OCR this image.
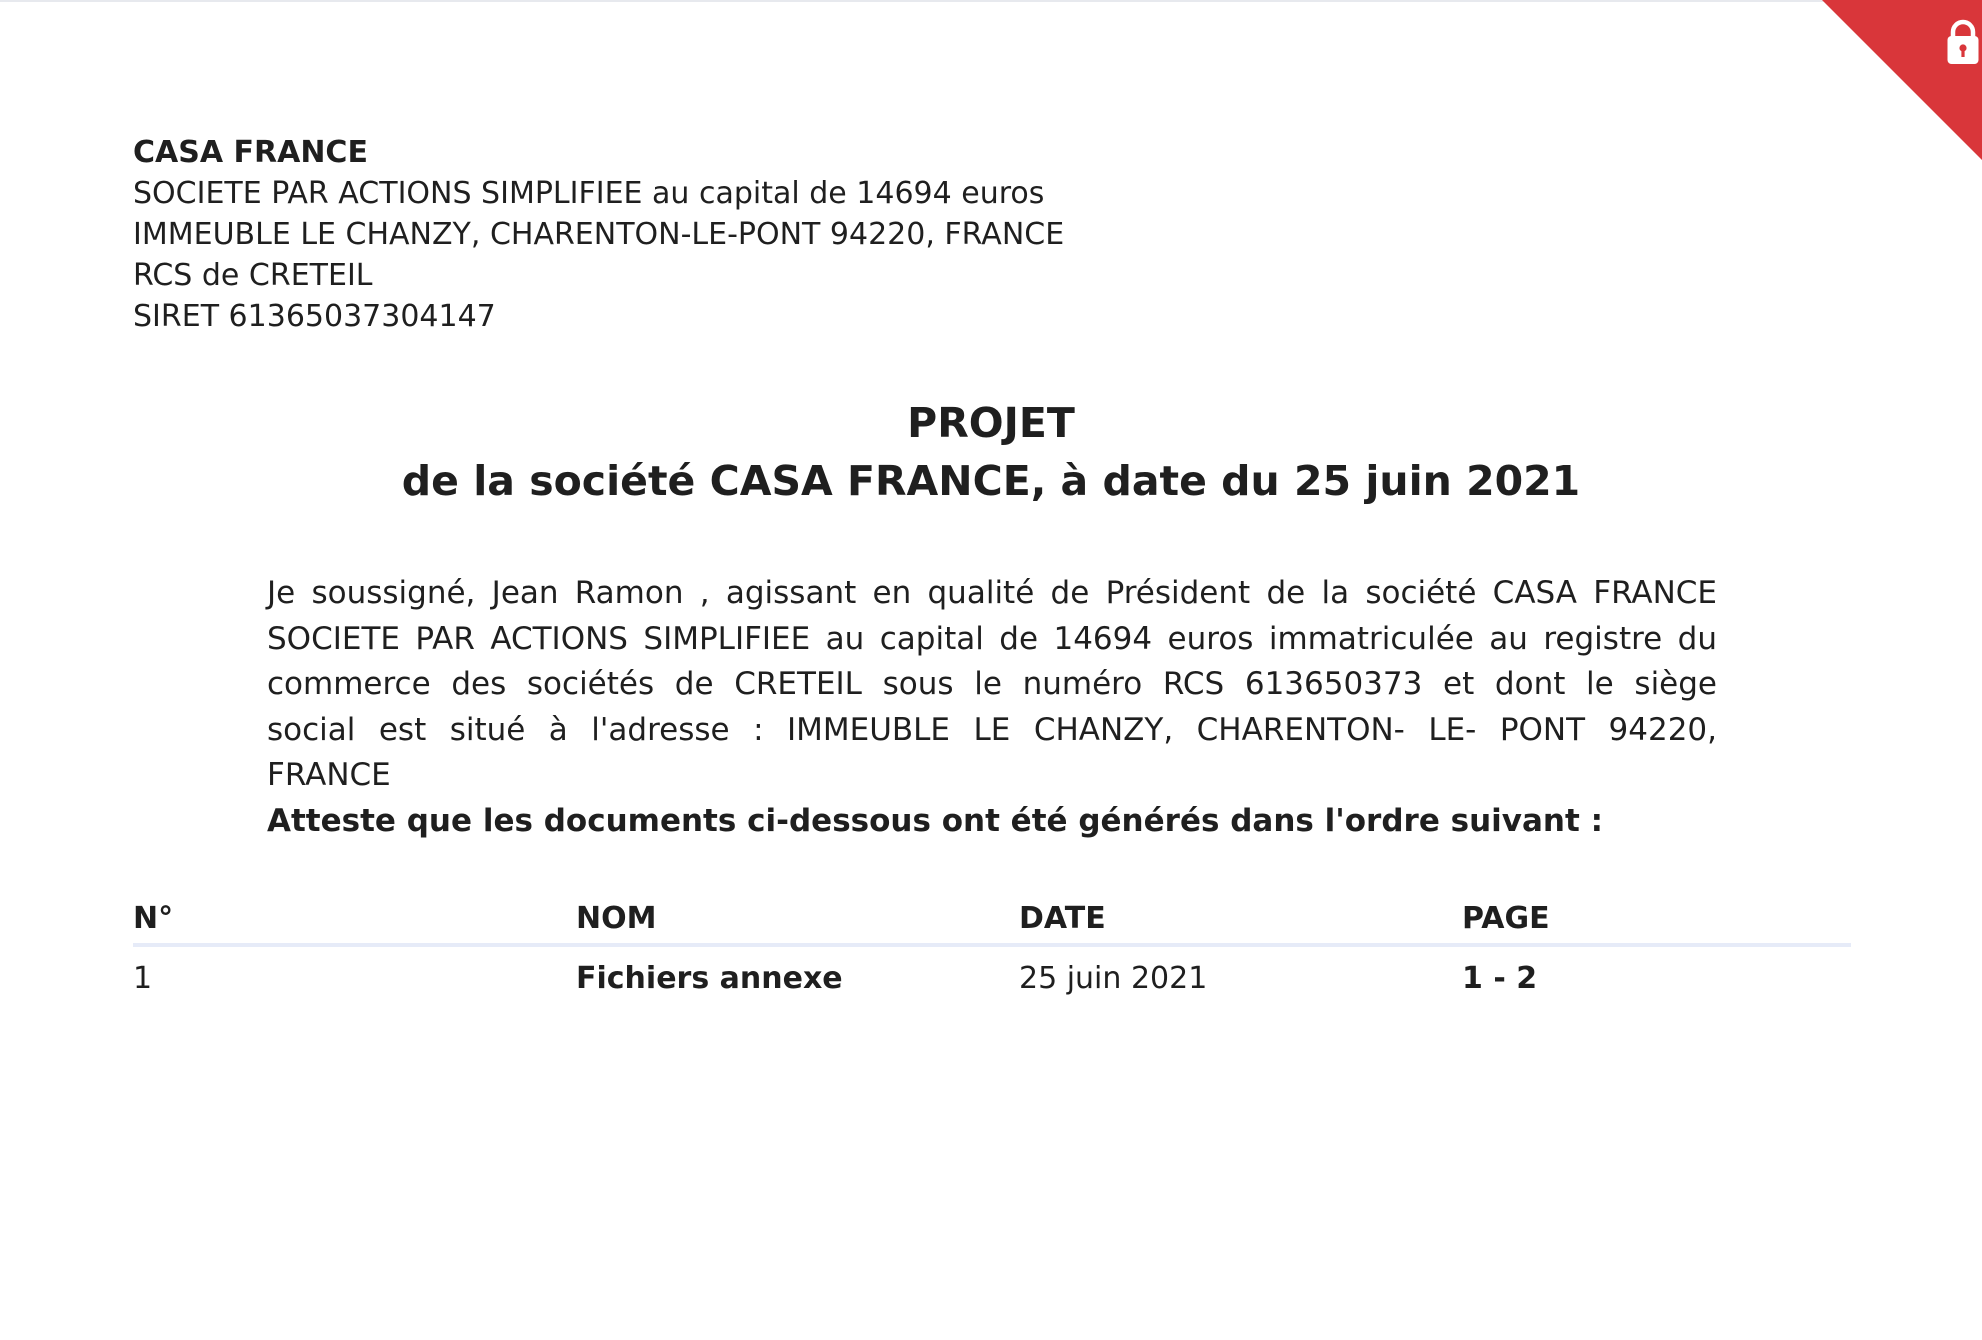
CASA FRANCE
SOCIETE PAR ACTIONS SIMPLIFIEE au capital de 14694 euros
IMMEUBLE LE CHANZY, CHARENTON-LE-PONT 94220, FRANCE
RCS de CRETEIL
SIRET 61365037304147
PROJET
de la société CASA FRANCE, à date du 25 juin 2021
Je soussigné, Jean Ramon , agissant en qualité de Président de la société CASA FRANCE SOCIETE PAR ACTIONS SIMPLIFIEE au capital de 14694 euros immatriculée au registre du commerce des sociétés de CRETEIL sous le numéro RCS 613650373 et dont le siège social est situé à l'adresse : IMMEUBLE LE CHANZY, CHARENTON- LE- PONT 94220, FRANCE
Atteste que les documents ci-dessous ont été générés dans l'ordre suivant :
N°	NOM	DATE	PAGE
1	Fichiers annexe	25 juin 2021	1 - 2
